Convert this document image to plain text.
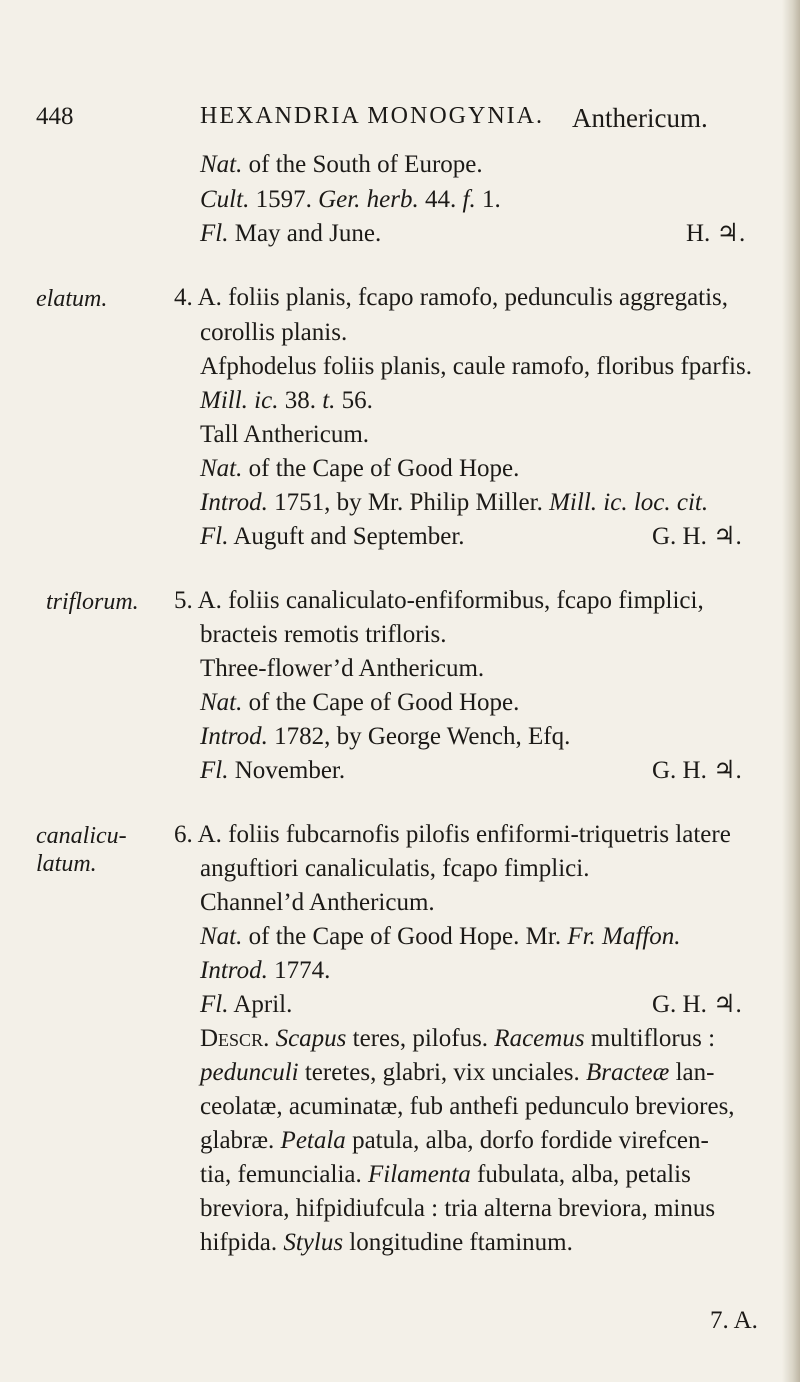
448	HEXANDRIA MONOGYNIA. Anthericum.
Nat. of the South of Europe.
Cult. 1597. Ger. herb. 44. f. 1.
Fl. May and June.	H. ♃.
elatum.	4. A. foliis planis, fcapo ramofo, pedunculis aggregatis,
corollis planis.
Afphodelus foliis planis, caule ramofo, floribus fparfis.
Mill. ic. 38. t. 56.
Tall Anthericum.
Nat. of the Cape of Good Hope.
Introd. 1751, by Mr. Philip Miller. Mill. ic. loc. cit.
Fl. Auguft and September.	G. H. ♃.
triflorum. 5. A. foliis canaliculato-enfiformibus, fcapo fimplici,
bracteis remotis trifloris.
Three-flower’d Anthericum.
Nat. of the Cape of Good Hope.
Introd. 1782, by George Wench, Efq.
Fl. November.	G. H. ♃.
canalicu-
latum.
6. A. foliis fubcarnofis pilofis enfiformi-triquetris latere
anguftiori canaliculatis, fcapo fimplici.
Channel’d Anthericum.
Nat. of the Cape of Good Hope. Mr. Fr. Maffon.
Introd. 1774.
Fl. April.	G. H. ♃.
Descr. Scapus teres, pilofus. Racemus multiflorus :
pedunculi teretes, glabri, vix unciales. Bracteæ lan-
ceolatæ, acuminatæ, fub anthefi pedunculo breviores,
glabræ. Petala patula, alba, dorfo fordide virefcen-
tia, femuncialia. Filamenta fubulata, alba, petalis
breviora, hifpidiufcula : tria alterna breviora, minus
hifpida. Stylus longitudine ftaminum.
7. A.
